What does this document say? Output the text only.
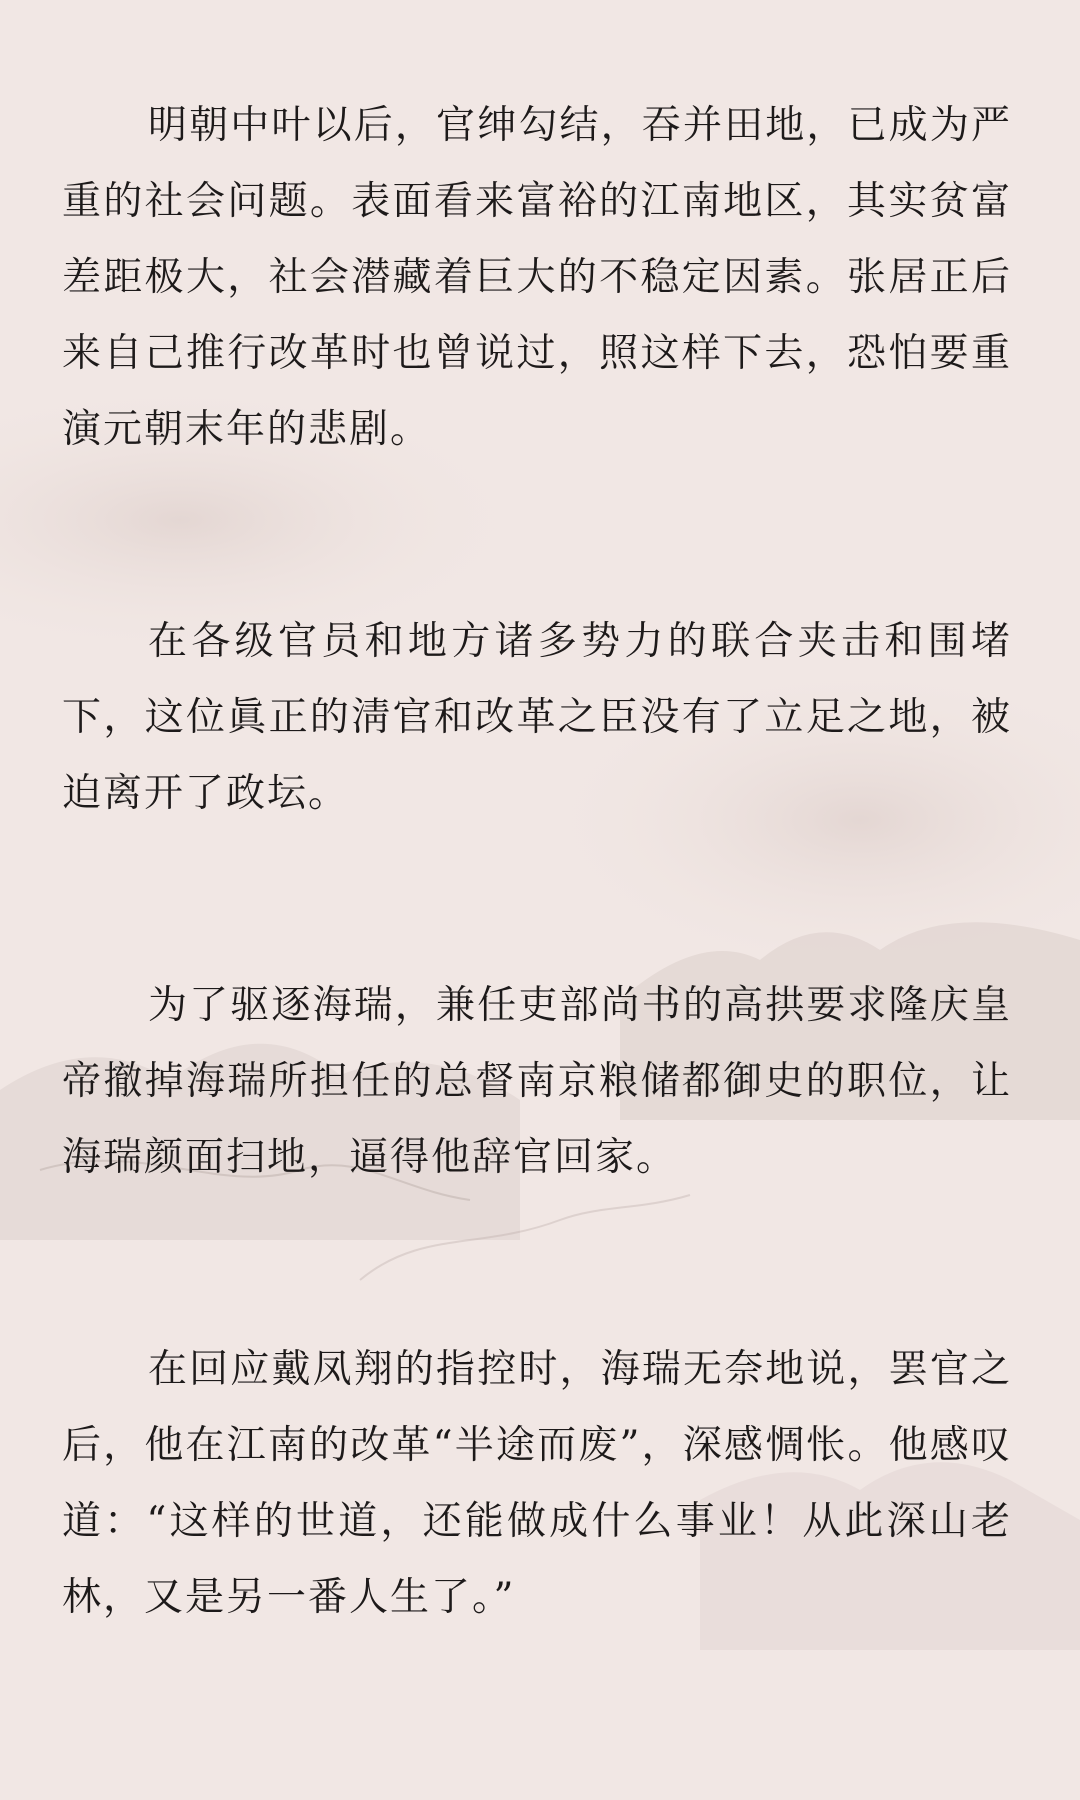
明朝中叶以后，官绅勾结，吞并田地，已成为严重的社会问题。表面看来富裕的江南地区，其实贫富差距极大，社会潜藏着巨大的不稳定因素。张居正后来自己推行改革时也曾说过，照这样下去，恐怕要重演元朝末年的悲剧。

在各级官员和地方诸多势力的联合夹击和围堵下，这位眞正的淸官和改革之臣没有了立足之地，被迫离开了政坛。

为了驱逐海瑞，兼任吏部尚书的高拱要求隆庆皇帝撤掉海瑞所担任的总督南京粮储都御史的职位，让海瑞颜面扫地，逼得他辞官回家。

在回应戴凤翔的指控时，海瑞无奈地说，罢官之后，他在江南的改革“半途而废”，深感惆怅。他感叹道：“这样的世道，还能做成什么事业！从此深山老林，又是另一番人生了。”
